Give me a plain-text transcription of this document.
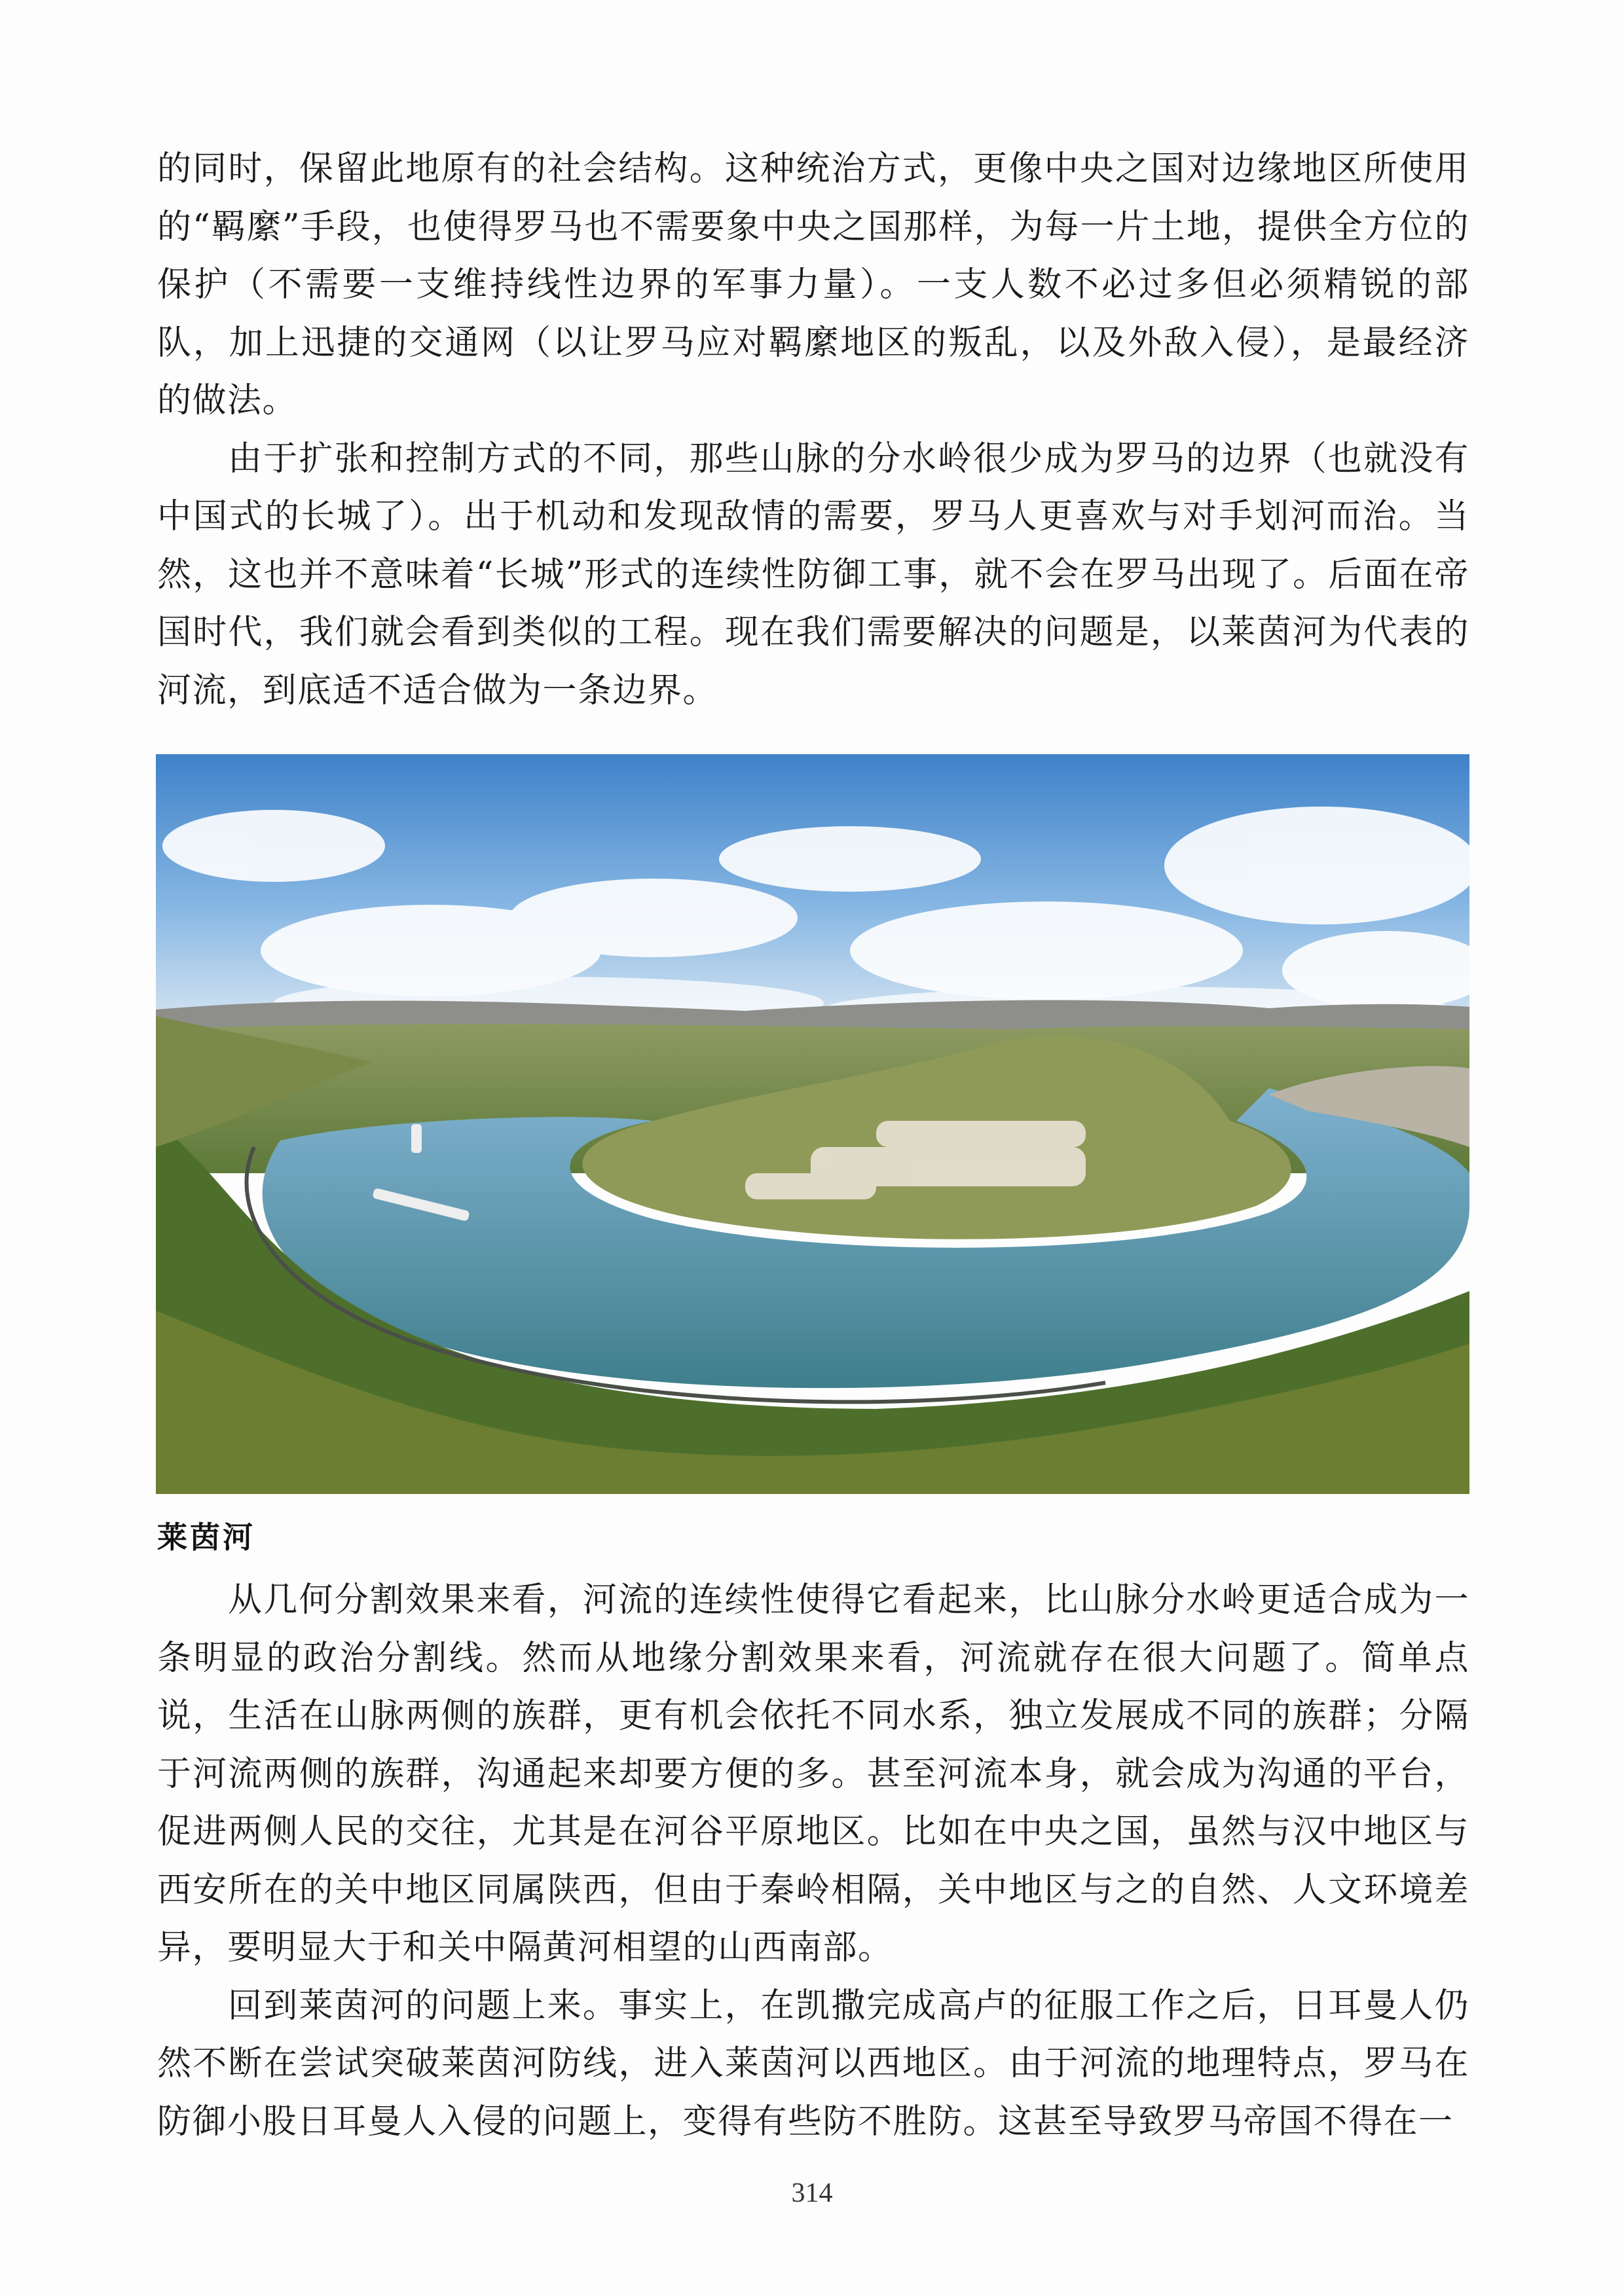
的同时，保留此地原有的社会结构。这种统治方式，更像中央之国对边缘地区所使用的“羁縻”手段，也使得罗马也不需要象中央之国那样，为每一片土地，提供全方位的保护（不需要一支维持线性边界的军事力量）。一支人数不必过多但必须精锐的部队，加上迅捷的交通网（以让罗马应对羁縻地区的叛乱，以及外敌入侵），是最经济的做法。

由于扩张和控制方式的不同，那些山脉的分水岭很少成为罗马的边界（也就没有中国式的长城了）。出于机动和发现敌情的需要，罗马人更喜欢与对手划河而治。当然，这也并不意味着“长城”形式的连续性防御工事，就不会在罗马出现了。后面在帝国时代，我们就会看到类似的工程。现在我们需要解决的问题是，以莱茵河为代表的河流，到底适不适合做为一条边界。

莱茵河

从几何分割效果来看，河流的连续性使得它看起来，比山脉分水岭更适合成为一条明显的政治分割线。然而从地缘分割效果来看，河流就存在很大问题了。简单点说，生活在山脉两侧的族群，更有机会依托不同水系，独立发展成不同的族群；分隔于河流两侧的族群，沟通起来却要方便的多。甚至河流本身，就会成为沟通的平台，促进两侧人民的交往，尤其是在河谷平原地区。比如在中央之国，虽然与汉中地区与西安所在的关中地区同属陕西，但由于秦岭相隔，关中地区与之的自然、人文环境差异，要明显大于和关中隔黄河相望的山西南部。

回到莱茵河的问题上来。事实上，在凯撒完成高卢的征服工作之后，日耳曼人仍然不断在尝试突破莱茵河防线，进入莱茵河以西地区。由于河流的地理特点，罗马在防御小股日耳曼人入侵的问题上，变得有些防不胜防。这甚至导致罗马帝国不得在一

314
